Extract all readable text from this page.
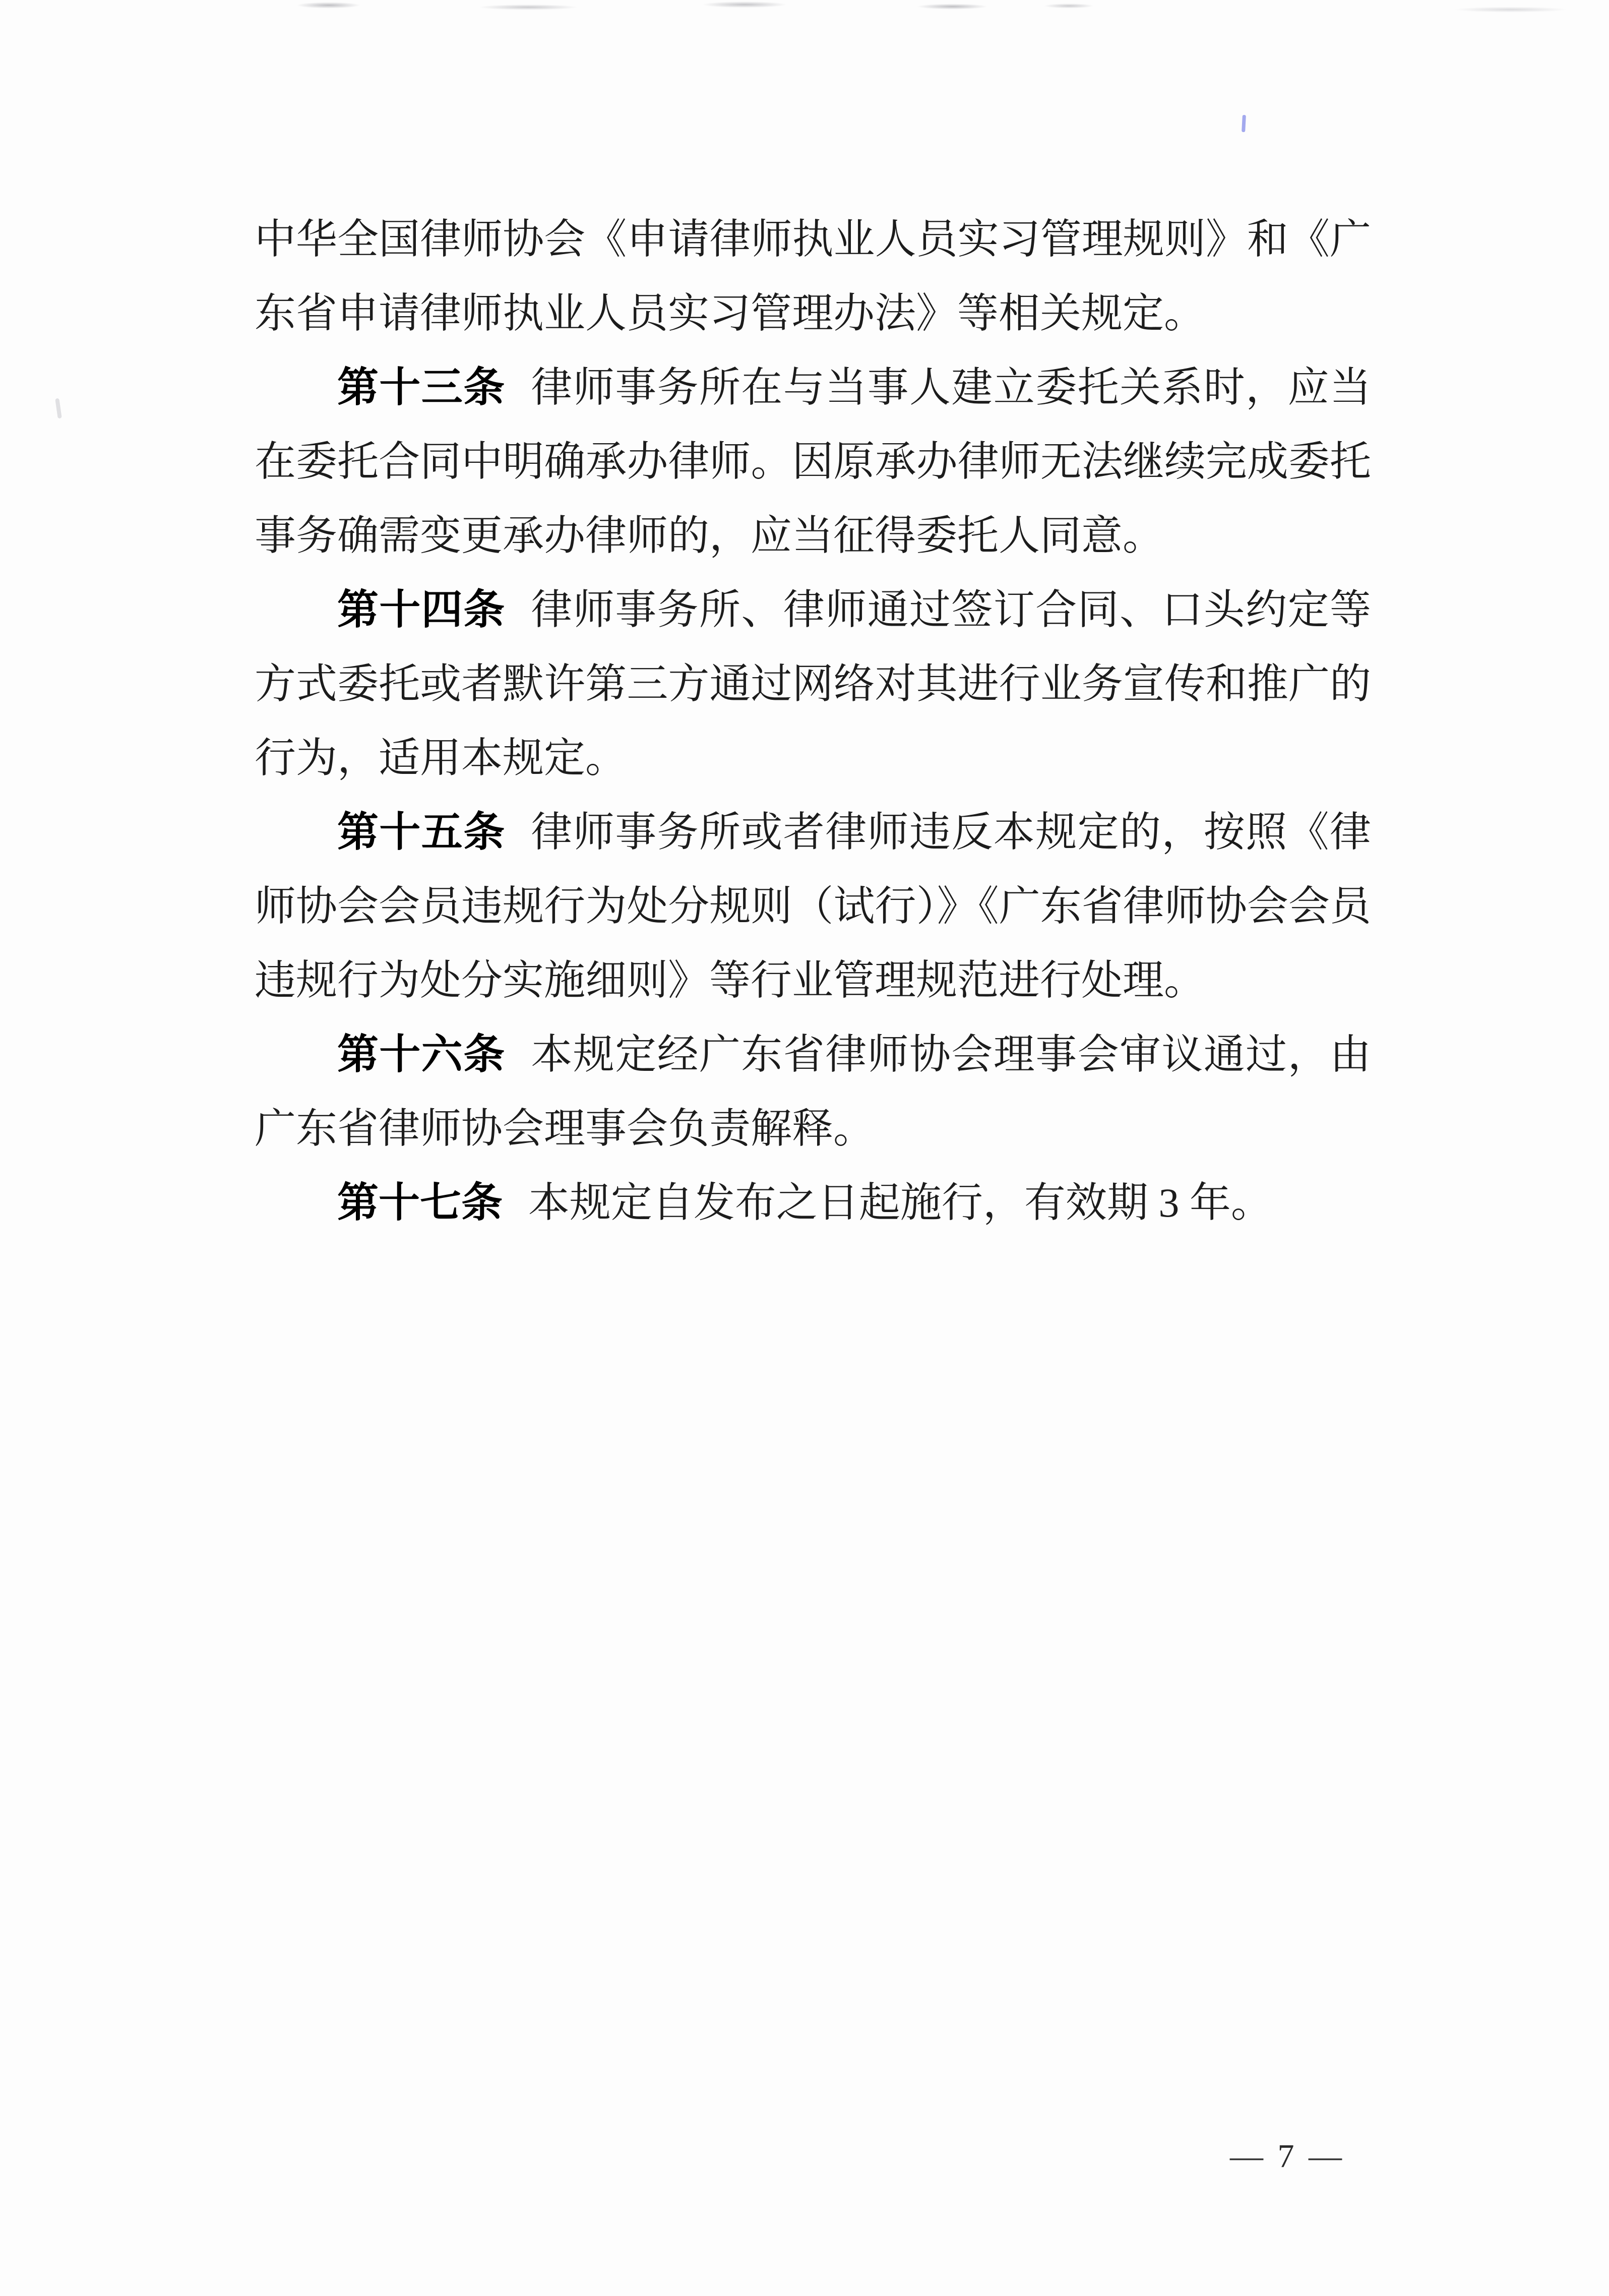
中华全国律师协会《申请律师执业人员实习管理规则》和《广东省申请律师执业人员实习管理办法》等相关规定。

第十三条 律师事务所在与当事人建立委托关系时，应当在委托合同中明确承办律师。因原承办律师无法继续完成委托事务确需变更承办律师的，应当征得委托人同意。

第十四条 律师事务所、律师通过签订合同、口头约定等方式委托或者默许第三方通过网络对其进行业务宣传和推广的行为，适用本规定。

第十五条 律师事务所或者律师违反本规定的，按照《律师协会会员违规行为处分规则（试行）》《广东省律师协会会员违规行为处分实施细则》等行业管理规范进行处理。

第十六条 本规定经广东省律师协会理事会审议通过，由广东省律师协会理事会负责解释。

第十七条 本规定自发布之日起施行，有效期 3 年。

— 7 —
